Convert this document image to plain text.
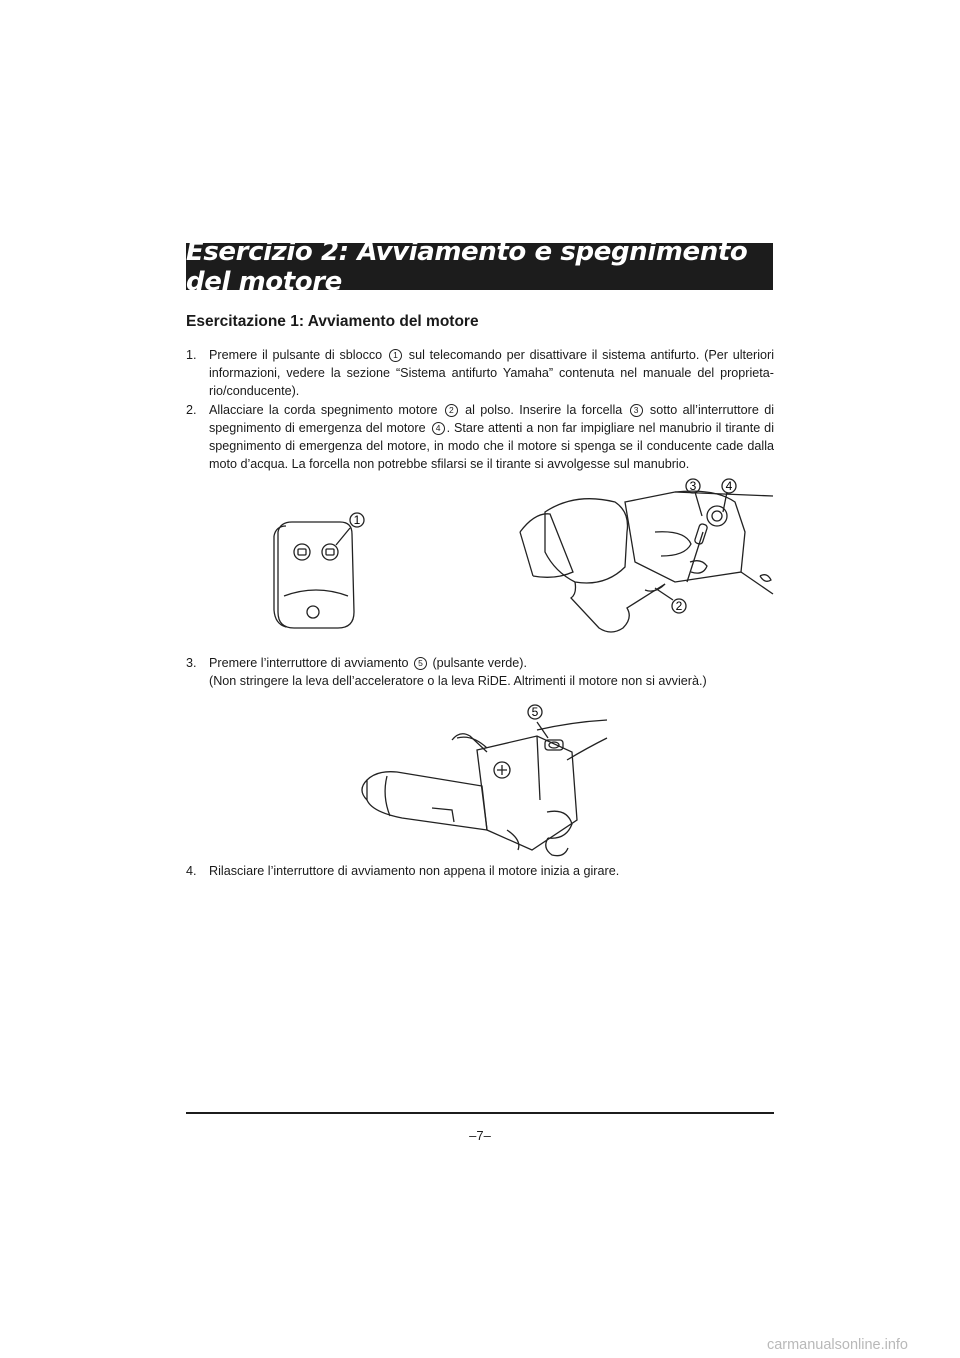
Esercizio 2: Avviamento e spegnimento del motore
Esercitazione 1: Avviamento del motore
1. Premere il pulsante di sblocco 1 sul telecomando per disattivare il sistema antifurto. (Per ulteriori informazioni, vedere la sezione “Sistema antifurto Yamaha” contenuta nel manuale del proprieta-rio/conducente).
2. Allacciare la corda spegnimento motore 2 al polso. Inserire la forcella 3 sotto all’interruttore di spegnimento di emergenza del motore 4 . Stare attenti a non far impigliare nel manubrio il tirante di spegnimento di emergenza del motore, in modo che il motore si spenga se il conducente cade dalla moto d’acqua. La forcella non potrebbe sfilarsi se il tirante si avvolgesse sul manubrio.
1
3 4
2
3. Premere l’interruttore di avviamento 5 (pulsante verde).
(Non stringere la leva dell’acceleratore o la leva RiDE. Altrimenti il motore non si avvierà.)
5
4. Rilasciare l’interruttore di avviamento non appena il motore inizia a girare.
–7–
carmanualsonline.info
